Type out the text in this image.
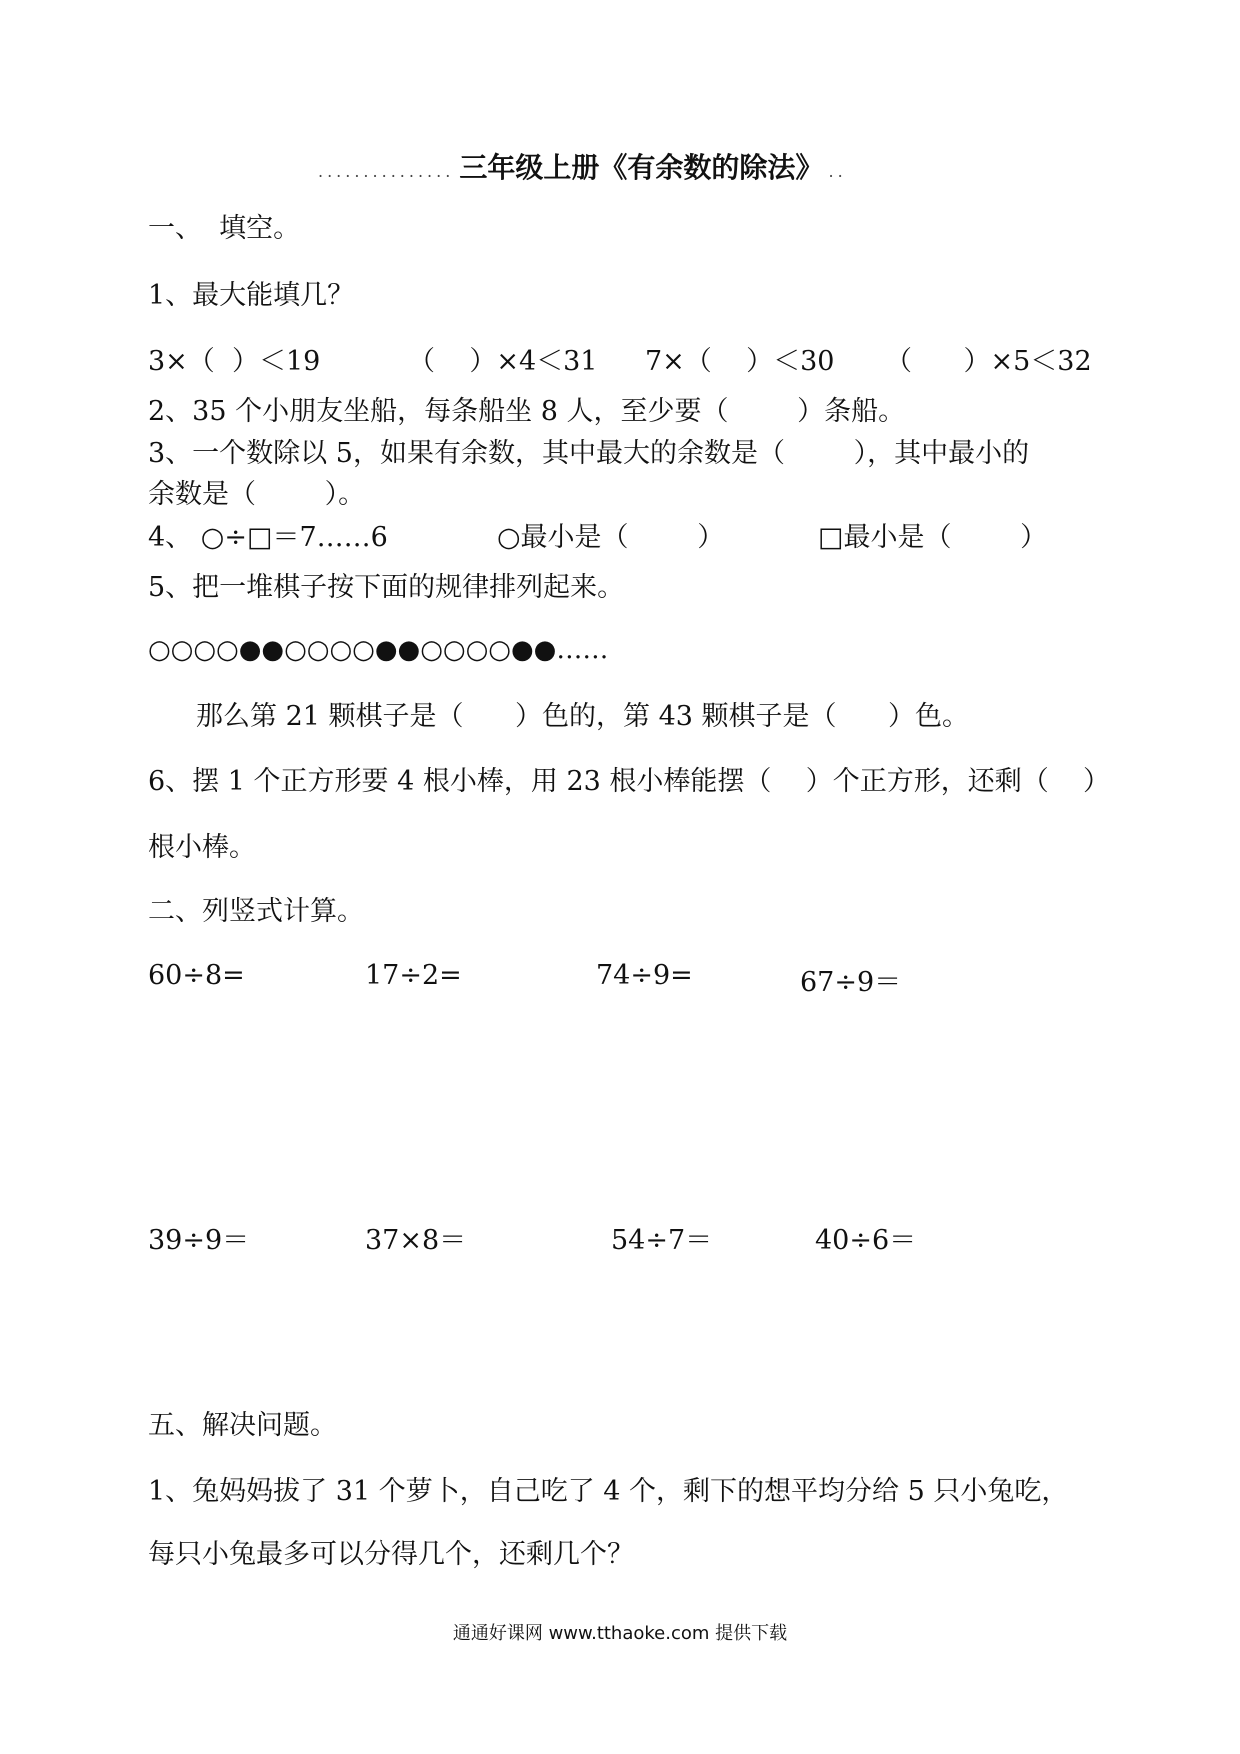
............... 三年级上册《有余数的除法》 ..
一、  填空。
1、最大能填几？
3×（  ）＜19	（    ）×4＜31 7×（    ）＜30 （      ）×5＜32
2、35 个小朋友坐船，每条船坐 8 人，至少要（        ）条船。
3、一个数除以 5，如果有余数，其中最大的余数是（        ），其中最小的
余数是（        ）。
4、 ○÷□＝7……6	○最小是（        ）	□最小是（        ）
5、把一堆棋子按下面的规律排列起来。
○○○○●●○○○○●●○○○○●●……
那么第 21 颗棋子是（      ）色的，第 43 颗棋子是（      ）色。
6、摆 1 个正方形要 4 根小棒，用 23 根小棒能摆（    ）个正方形，还剩（    ）
根小棒。
二、列竖式计算。
60÷8=	17÷2=	74÷9=	67÷9＝
39÷9＝	37×8＝	54÷7＝	40÷6＝
五、解决问题。
1、兔妈妈拔了 31 个萝卜，自己吃了 4 个，剩下的想平均分给 5 只小兔吃，
每只小兔最多可以分得几个，还剩几个？
通通好课网 www.tthaoke.com 提供下载
